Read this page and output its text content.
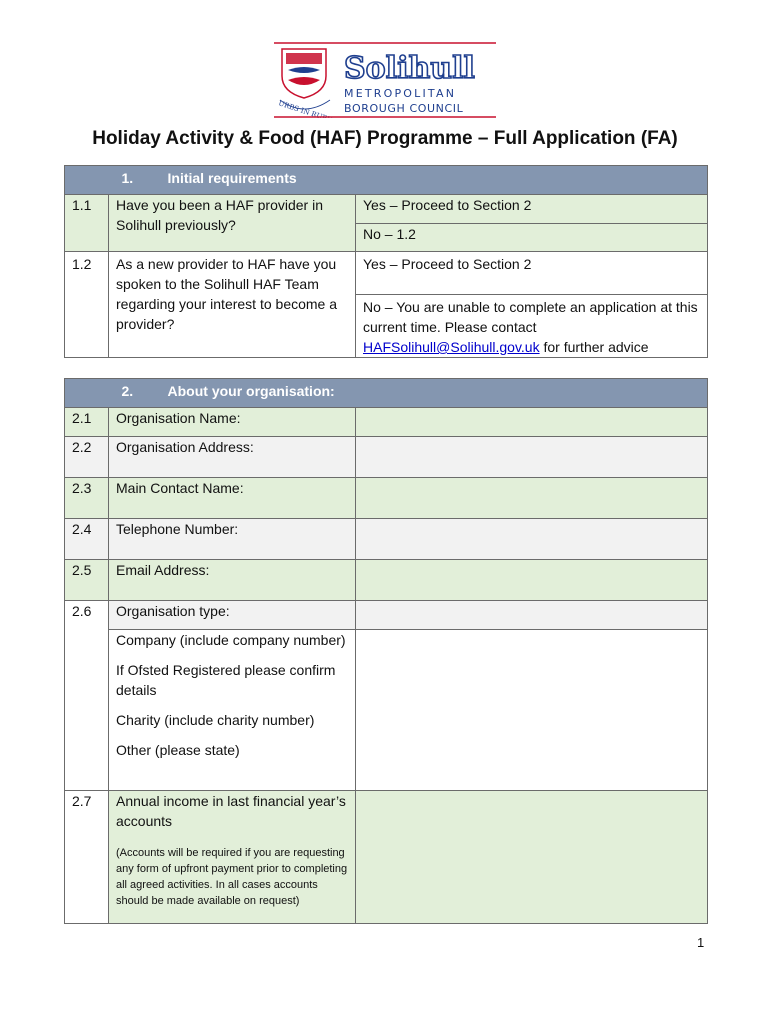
URBS IN RURE
Solihull
METROPOLITAN
BOROUGH COUNCIL
Holiday Activity & Food (HAF) Programme – Full Application (FA)
	1. Initial requirements	
1.1	Have you been a HAF provider in Solihull previously?	Yes – Proceed to Section 2
		No – 1.2
1.2	As a new provider to HAF have you spoken to the Solihull HAF Team regarding your interest to become a provider?	Yes – Proceed to Section 2
		No – You are unable to complete an application at this current time. Please contact HAFSolihull@Solihull.gov.uk for further advice
	2. About your organisation:	
2.1	Organisation Name:	
2.2	Organisation Address:	
2.3	Main Contact Name:	
2.4	Telephone Number:	
2.5	Email Address:	
2.6	Organisation type:	

	Company (include company number)
If Ofsted Registered please confirm details
Charity (include charity number)
Other (please state)	

2.7	Annual income in last financial year’s accounts
(Accounts will be required if you are requesting any form of upfront payment prior to completing all agreed activities. In all cases accounts should be made available on request)	

1
